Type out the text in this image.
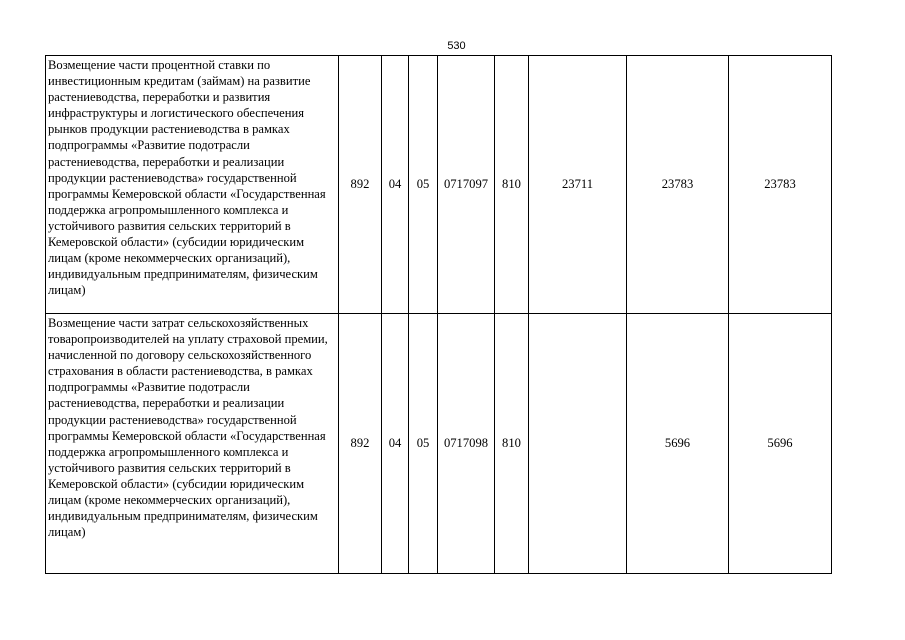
530
Возмещение части процентной ставки по инвестиционным кредитам (займам) на развитие растениеводства, переработки и развития инфраструктуры и логистического обеспечения рынков продукции растениеводства в рамках подпрограммы «Развитие подотрасли растениеводства, переработки и реализации продукции растениеводства» государственной программы Кемеровской области «Государственная поддержка агропромышленного комплекса и устойчивого развития сельских территорий в Кемеровской области» (субсидии юридическим лицам (кроме некоммерческих организаций), индивидуальным предпринимателям, физическим лицам)	892	04	05	0717097	810	23711	23783	23783
Возмещение части затрат сельскохозяйственных товаропроизводителей на уплату страховой премии, начисленной по договору сельскохозяйственного страхования в области растениеводства, в рамках подпрограммы «Развитие подотрасли растениеводства, переработки и реализации продукции растениеводства» государственной программы Кемеровской области «Государственная поддержка агропромышленного комплекса и устойчивого развития сельских территорий в Кемеровской области» (субсидии юридическим лицам (кроме некоммерческих организаций), индивидуальным предпринимателям, физическим лицам)	892	04	05	0717098	810		5696	5696
